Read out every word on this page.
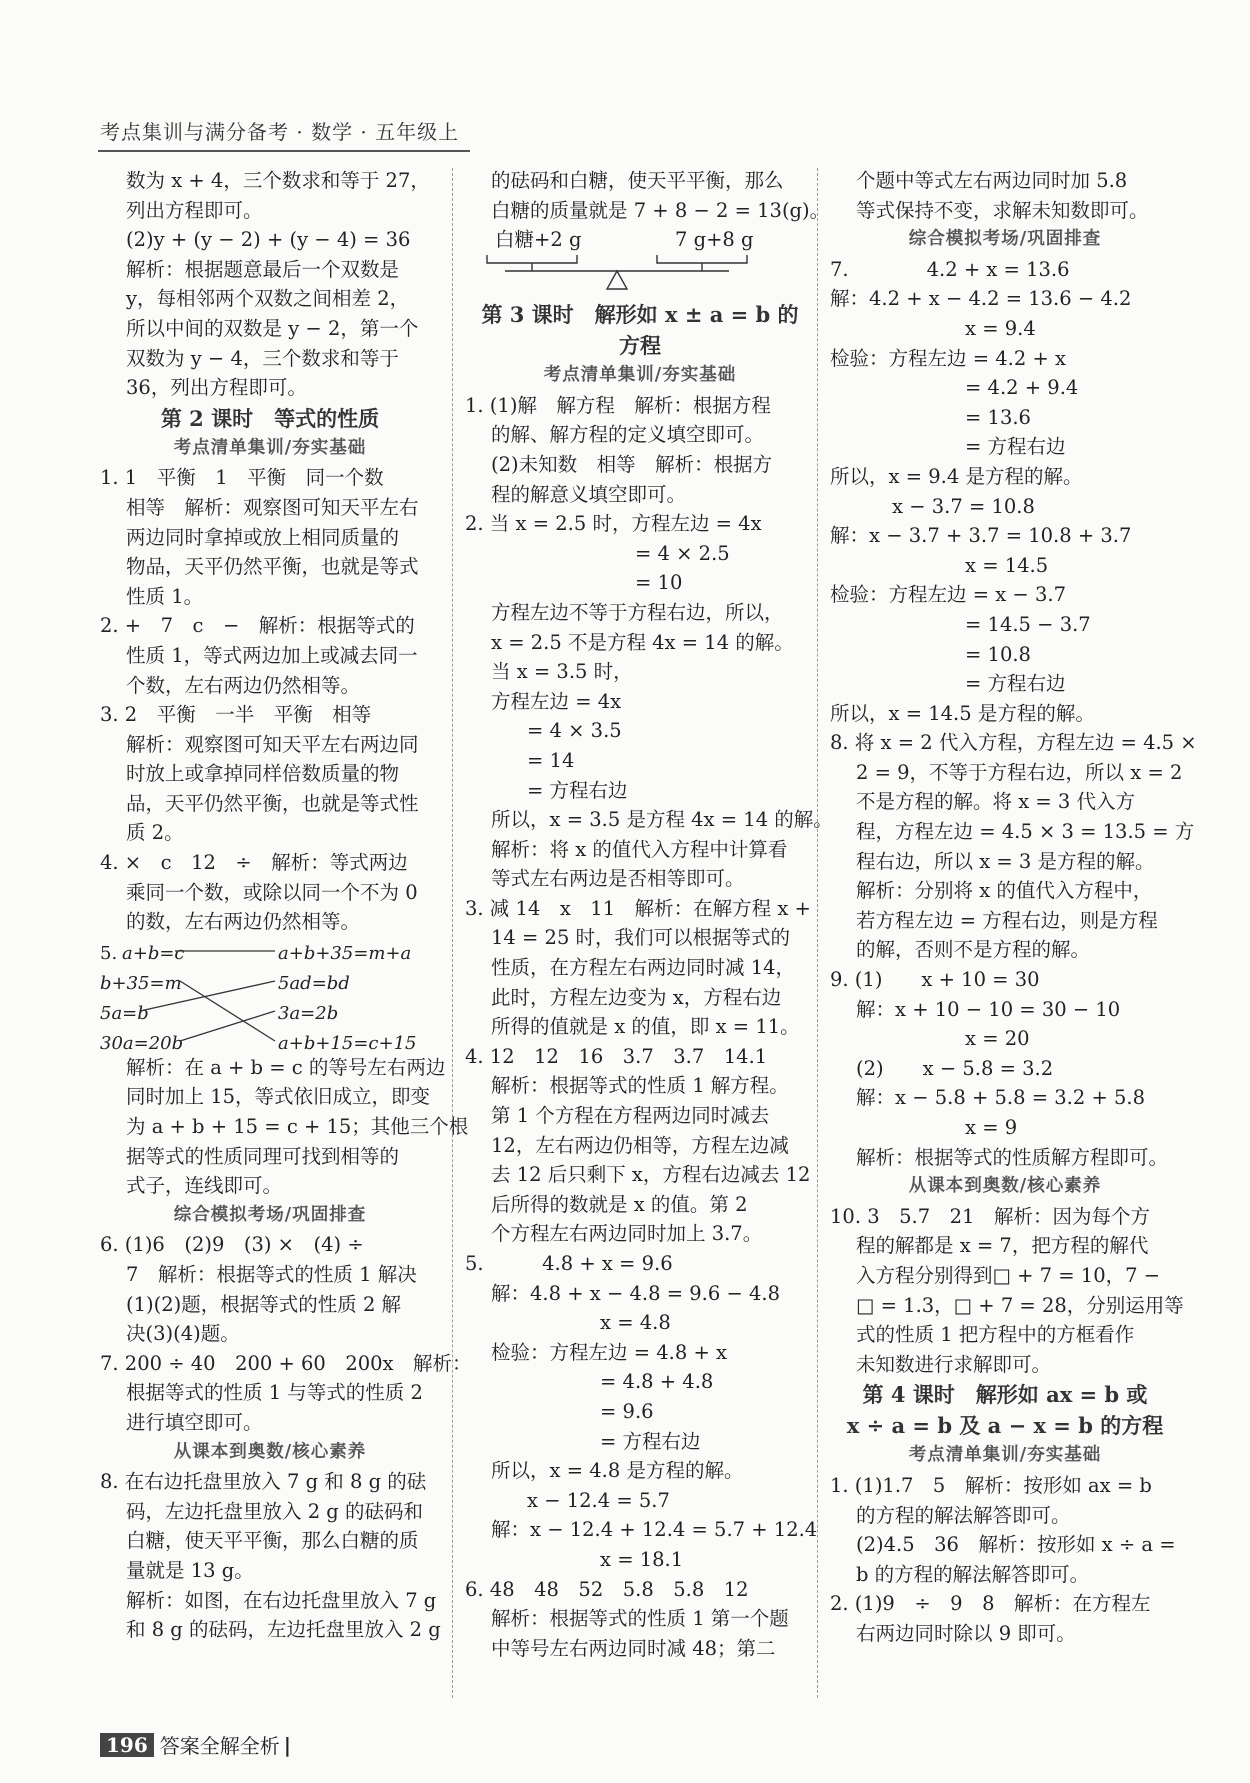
考点集训与满分备考 · 数学 · 五年级上
数为 x + 4，三个数求和等于 27，
列出方程即可。
(2)y + (y − 2) + (y − 4) = 36
解析：根据题意最后一个双数是
y，每相邻两个双数之间相差 2，
所以中间的双数是 y − 2，第一个
双数为 y − 4，三个数求和等于
36，列出方程即可。
第 2 课时　等式的性质
考点清单集训/夯实基础
1. 1　平衡　1　平衡　同一个数
相等　解析：观察图可知天平左右
两边同时拿掉或放上相同质量的
物品，天平仍然平衡，也就是等式
性质 1。
2. +　7　c　−　解析：根据等式的
性质 1，等式两边加上或减去同一
个数，左右两边仍然相等。
3. 2　平衡　一半　平衡　相等
解析：观察图可知天平左右两边同
时放上或拿掉同样倍数质量的物
品，天平仍然平衡，也就是等式性
质 2。
4. ×　c　12　÷　解析：等式两边
乘同一个数，或除以同一个不为 0
的数，左右两边仍然相等。
5. a+b=c
b+35=m
5a=b
30a=20b
a+b+35=m+a
5ad=bd
3a=2b
a+b+15=c+15
解析：在 a + b = c 的等号左右两边
同时加上 15，等式依旧成立，即变
为 a + b + 15 = c + 15；其他三个根
据等式的性质同理可找到相等的
式子，连线即可。
综合模拟考场/巩固排查
6. (1)6　(2)9　(3) ×　(4) ÷
7　解析：根据等式的性质 1 解决
(1)(2)题，根据等式的性质 2 解
决(3)(4)题。
7. 200 ÷ 40　200 + 60　200x　解析：
根据等式的性质 1 与等式的性质 2
进行填空即可。
从课本到奥数/核心素养
8. 在右边托盘里放入 7 g 和 8 g 的砝
码，左边托盘里放入 2 g 的砝码和
白糖，使天平平衡，那么白糖的质
量就是 13 g。
解析：如图，在右边托盘里放入 7 g
和 8 g 的砝码，左边托盘里放入 2 g
的砝码和白糖，使天平平衡，那么
白糖的质量就是 7 + 8 − 2 = 13(g)。
白糖+2 g	7 g+8 g
第 3 课时　解形如 x ± a = b 的
方程
考点清单集训/夯实基础
1. (1)解　解方程　解析：根据方程
的解、解方程的定义填空即可。
(2)未知数　相等　解析：根据方
程的解意义填空即可。
2. 当 x = 2.5 时，方程左边 = 4x
= 4 × 2.5
= 10
方程左边不等于方程右边，所以，
x = 2.5 不是方程 4x = 14 的解。
当 x = 3.5 时，
方程左边 = 4x
= 4 × 3.5
= 14
= 方程右边
所以，x = 3.5 是方程 4x = 14 的解。
解析：将 x 的值代入方程中计算看
等式左右两边是否相等即可。
3. 减 14　x　11　解析：在解方程 x +
14 = 25 时，我们可以根据等式的
性质，在方程左右两边同时减 14，
此时，方程左边变为 x，方程右边
所得的值就是 x 的值，即 x = 11。
4. 12　12　16　3.7　3.7　14.1
解析：根据等式的性质 1 解方程。
第 1 个方程在方程两边同时减去
12，左右两边仍相等，方程左边减
去 12 后只剩下 x，方程右边减去 12
后所得的数就是 x 的值。第 2
个方程左右两边同时加上 3.7。
5.　　　4.8 + x = 9.6
解：4.8 + x − 4.8 = 9.6 − 4.8
x = 4.8
检验：方程左边 = 4.8 + x
= 4.8 + 4.8
= 9.6
= 方程右边
所以，x = 4.8 是方程的解。
x − 12.4 = 5.7
解：x − 12.4 + 12.4 = 5.7 + 12.4
x = 18.1
6. 48　48　52　5.8　5.8　12
解析：根据等式的性质 1 第一个题
中等号左右两边同时减 48；第二
个题中等式左右两边同时加 5.8
等式保持不变，求解未知数即可。
综合模拟考场/巩固排查
7.　　　　4.2 + x = 13.6
解：4.2 + x − 4.2 = 13.6 − 4.2
x = 9.4
检验：方程左边 = 4.2 + x
= 4.2 + 9.4
= 13.6
= 方程右边
所以，x = 9.4 是方程的解。
x − 3.7 = 10.8
解：x − 3.7 + 3.7 = 10.8 + 3.7
x = 14.5
检验：方程左边 = x − 3.7
= 14.5 − 3.7
= 10.8
= 方程右边
所以，x = 14.5 是方程的解。
8. 将 x = 2 代入方程，方程左边 = 4.5 ×
2 = 9，不等于方程右边，所以 x = 2
不是方程的解。将 x = 3 代入方
程，方程左边 = 4.5 × 3 = 13.5 = 方
程右边，所以 x = 3 是方程的解。
解析：分别将 x 的值代入方程中，
若方程左边 = 方程右边，则是方程
的解，否则不是方程的解。
9. (1)　　x + 10 = 30
解：x + 10 − 10 = 30 − 10
x = 20
(2)　　x − 5.8 = 3.2
解：x − 5.8 + 5.8 = 3.2 + 5.8
x = 9
解析：根据等式的性质解方程即可。
从课本到奥数/核心素养
10. 3　5.7　21　解析：因为每个方
程的解都是 x = 7，把方程的解代
入方程分别得到□ + 7 = 10，7 −
□ = 1.3，□ + 7 = 28，分别运用等
式的性质 1 把方程中的方框看作
未知数进行求解即可。
第 4 课时　解形如 ax = b 或
x ÷ a = b 及 a − x = b 的方程
考点清单集训/夯实基础
1. (1)1.7　5　解析：按形如 ax = b
的方程的解法解答即可。
(2)4.5　36　解析：按形如 x ÷ a =
b 的方程的解法解答即可。
2. (1)9　÷　9　8　解析：在方程左
右两边同时除以 9 即可。
196 答案全解全析 |
